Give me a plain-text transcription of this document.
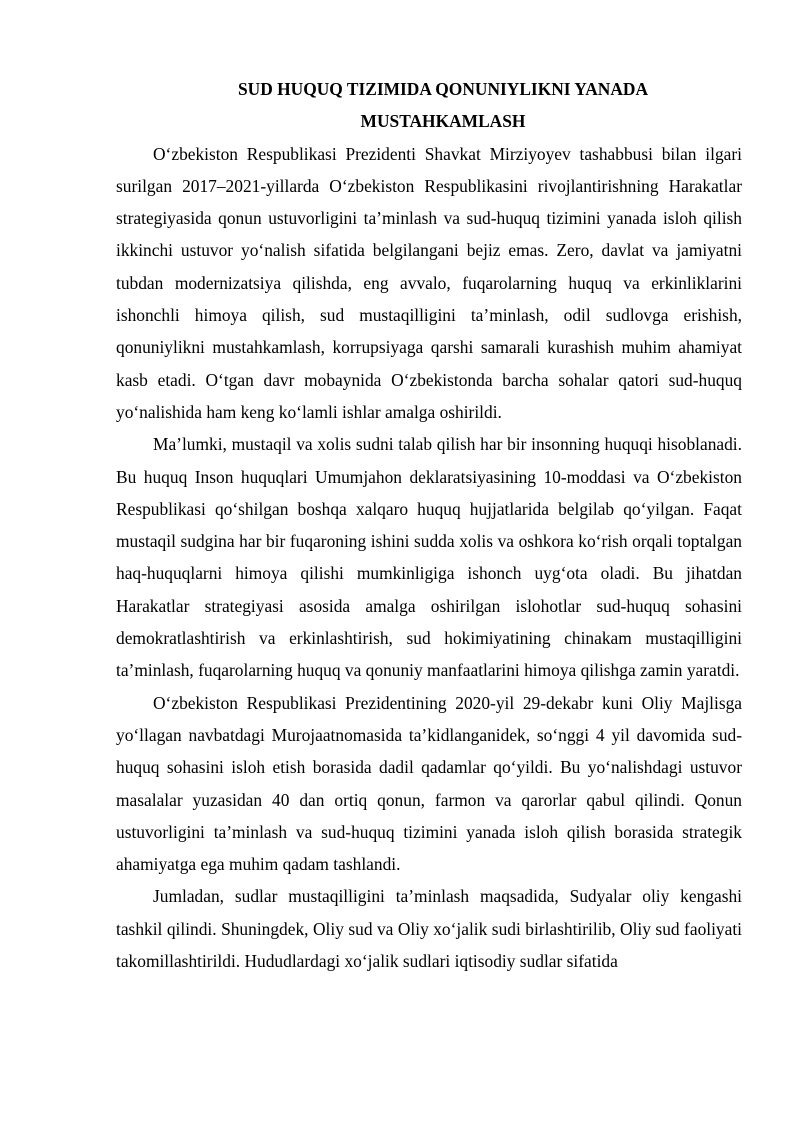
SUD HUQUQ TIZIMIDA QONUNIYLIKNI YANADA
MUSTAHKAMLASH

O‘zbekiston Respublikasi Prezidenti Shavkat Mirziyoyev tashabbusi bilan ilgari surilgan 2017–2021-yillarda O‘zbekiston Respublikasini rivojlantirishning Harakatlar strategiyasida qonun ustuvorligini ta’minlash va sud-huquq tizimini yanada isloh qilish ikkinchi ustuvor yo‘nalish sifatida belgilangani bejiz emas. Zero, davlat va jamiyatni tubdan modernizatsiya qilishda, eng avvalo, fuqarolarning huquq va erkinliklarini ishonchli himoya qilish, sud mustaqilligini ta’minlash, odil sudlovga erishish, qonuniylikni mustahkamlash, korrupsiyaga qarshi samarali kurashish muhim ahamiyat kasb etadi. O‘tgan davr mobaynida O‘zbekistonda barcha sohalar qatori sud-huquq yo‘nalishida ham keng ko‘lamli ishlar amalga oshirildi.

Ma’lumki, mustaqil va xolis sudni talab qilish har bir insonning huquqi hisoblanadi. Bu huquq Inson huquqlari Umumjahon deklaratsiyasining 10-moddasi va O‘zbekiston Respublikasi qo‘shilgan boshqa xalqaro huquq hujjatlarida belgilab qo‘yilgan. Faqat mustaqil sudgina har bir fuqaroning ishini sudda xolis va oshkora ko‘rish orqali toptalgan haq-huquqlarni himoya qilishi mumkinligiga ishonch uyg‘ota oladi. Bu jihatdan Harakatlar strategiyasi asosida amalga oshirilgan islohotlar sud-huquq sohasini demokratlashtirish va erkinlashtirish, sud hokimiyatining chinakam mustaqilligini ta’minlash, fuqarolarning huquq va qonuniy manfaatlarini himoya qilishga zamin yaratdi.

O‘zbekiston Respublikasi Prezidentining 2020-yil 29-dekabr kuni Oliy Majlisga yo‘llagan navbatdagi Murojaatnomasida ta’kidlanganidek, so‘nggi 4 yil davomida sud-huquq sohasini isloh etish borasida dadil qadamlar qo‘yildi. Bu yo‘nalishdagi ustuvor masalalar yuzasidan 40 dan ortiq qonun, farmon va qarorlar qabul qilindi. Qonun ustuvorligini ta’minlash va sud-huquq tizimini yanada isloh qilish borasida strategik ahamiyatga ega muhim qadam tashlandi.

Jumladan, sudlar mustaqilligini ta’minlash maqsadida, Sudyalar oliy kengashi tashkil qilindi. Shuningdek, Oliy sud va Oliy xo‘jalik sudi birlashtirilib, Oliy sud faoliyati takomillashtirildi. Hududlardagi xo‘jalik sudlari iqtisodiy sudlar sifatida
